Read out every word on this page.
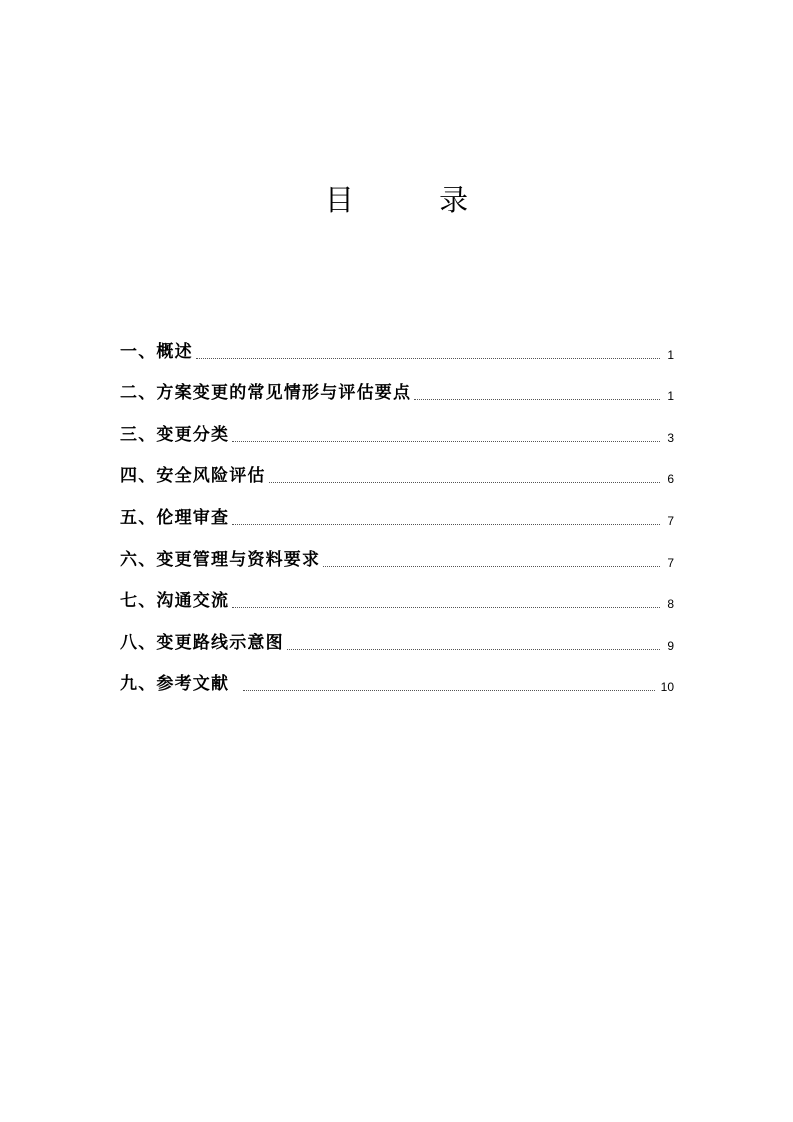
目 录
一、概述	1
二、方案变更的常见情形与评估要点	1
三、变更分类	3
四、安全风险评估	6
五、伦理审查	7
六、变更管理与资料要求	7
七、沟通交流	8
八、变更路线示意图	9
九、参考文献	10
